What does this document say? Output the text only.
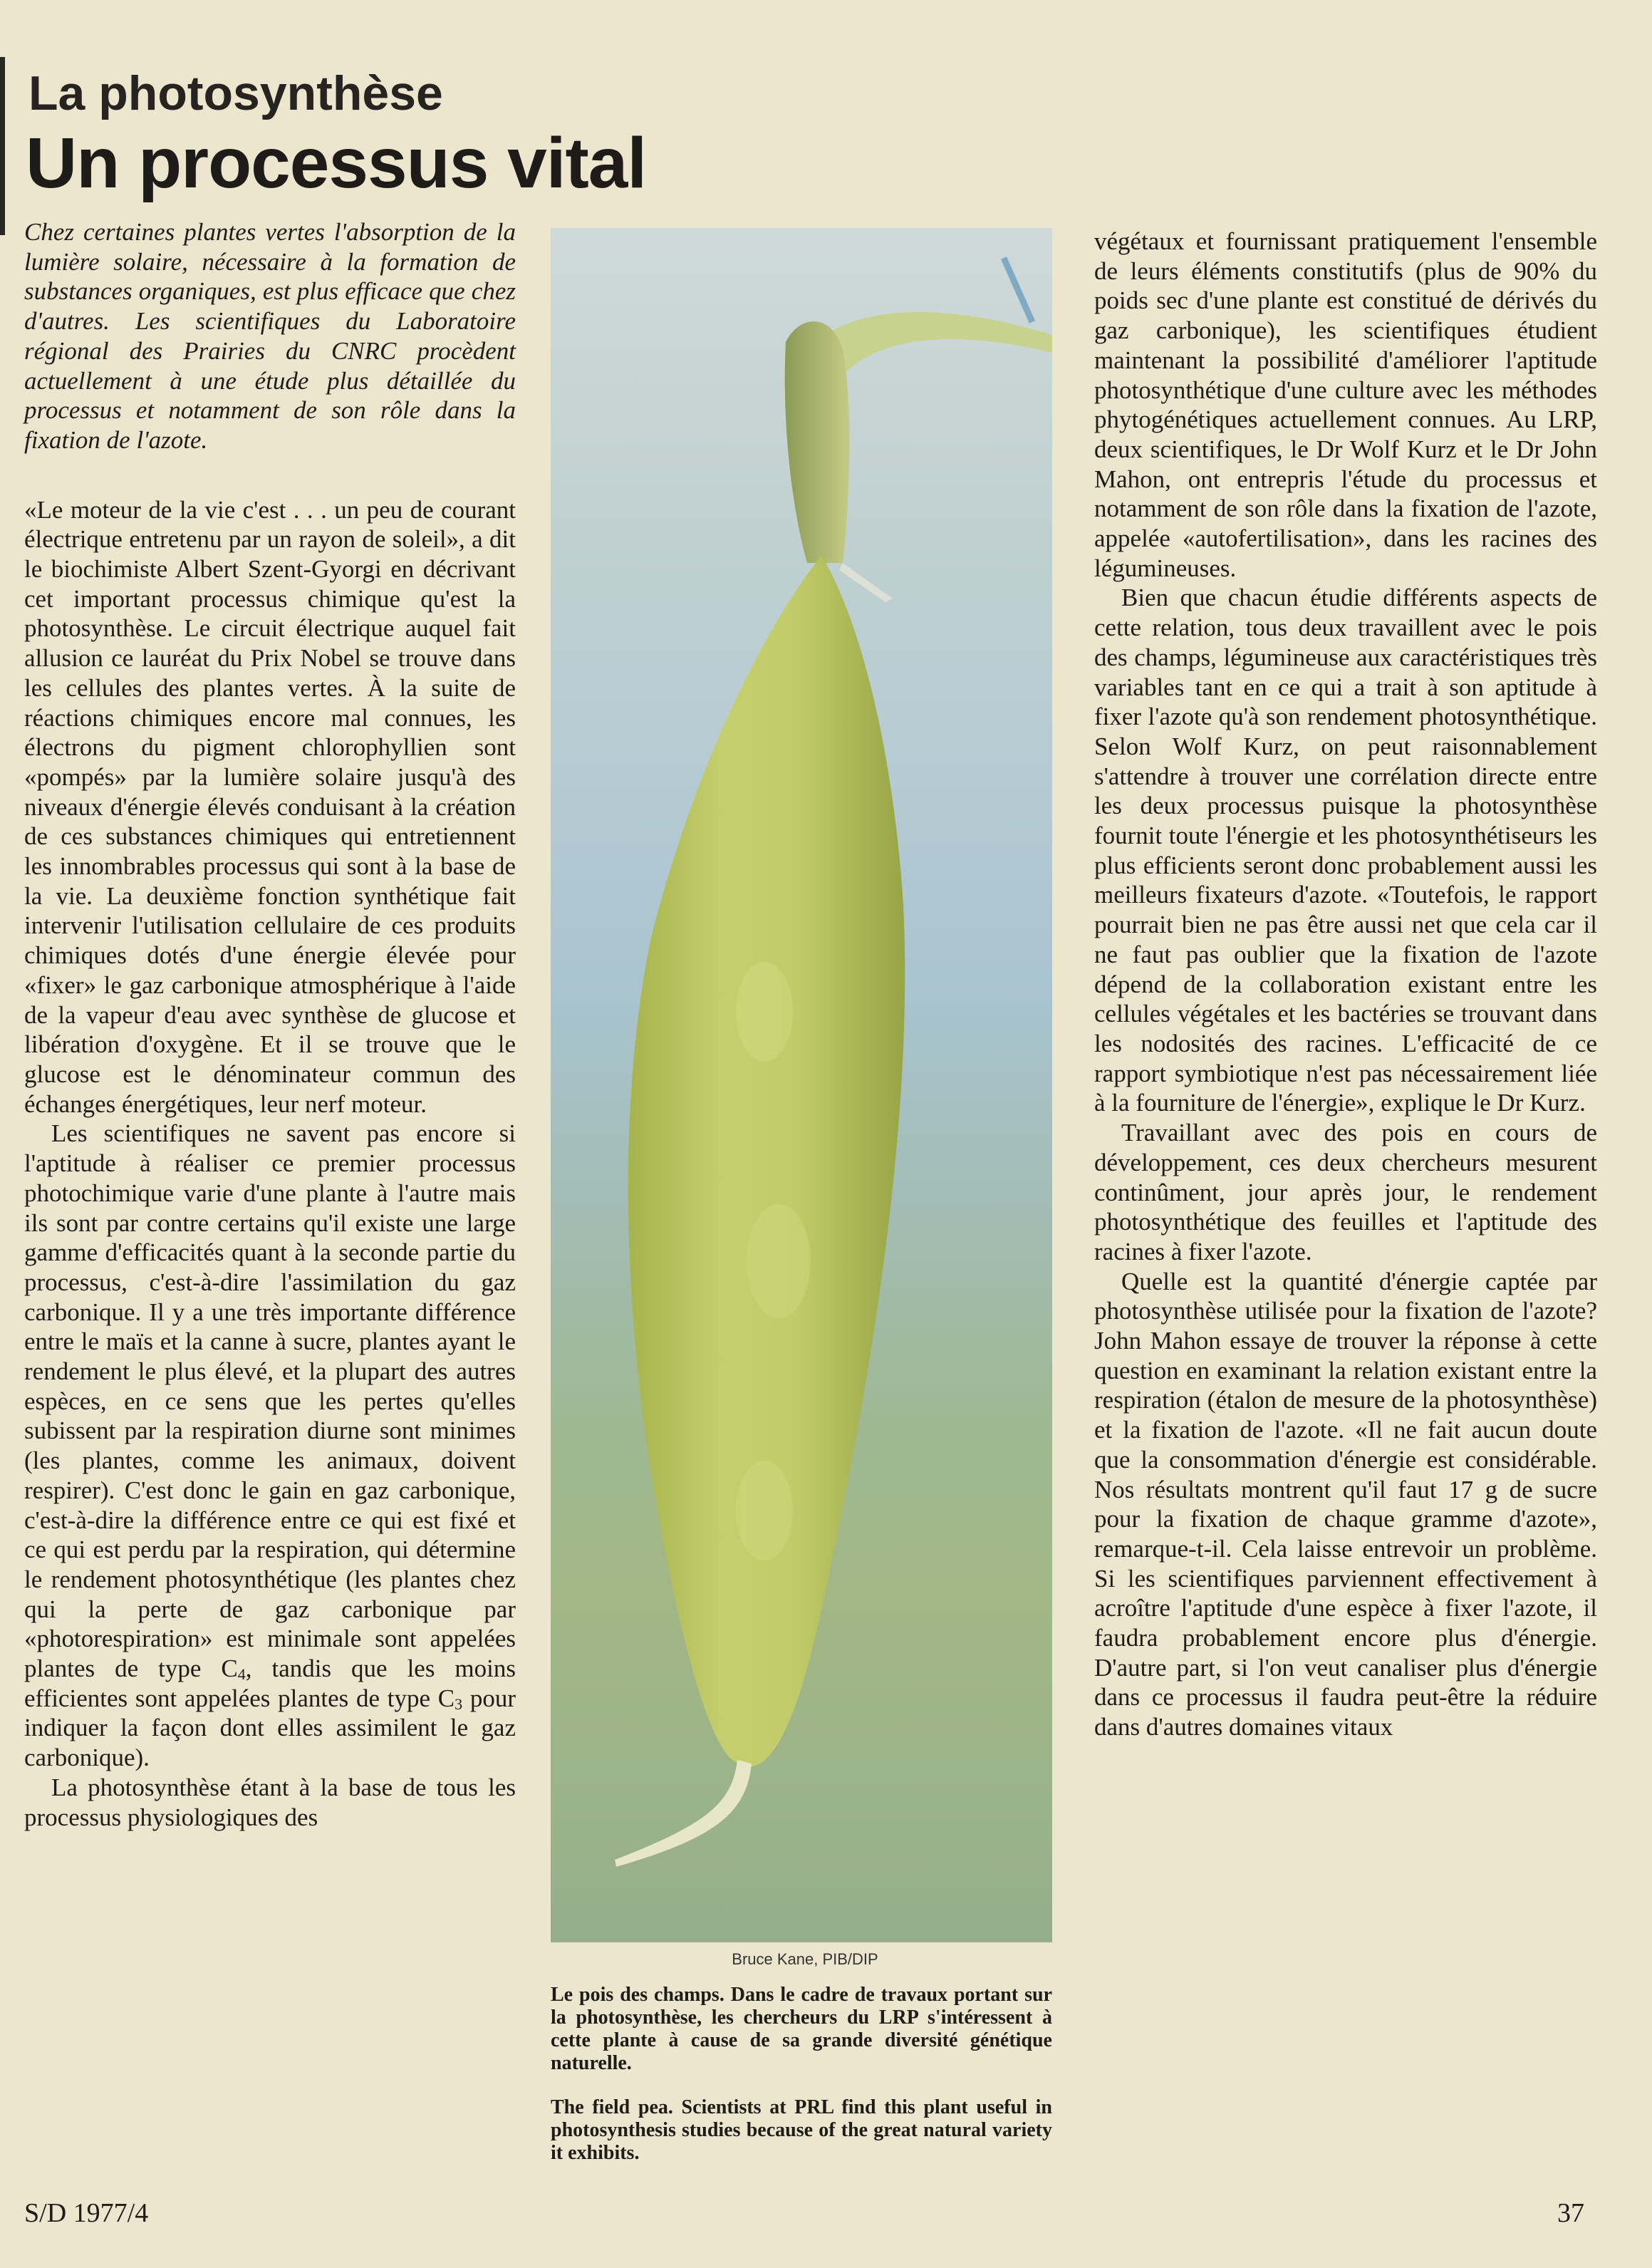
La photosynthèse
Un processus vital

Chez certaines plantes vertes l'absorption de la lumière solaire, nécessaire à la formation de substances organiques, est plus efficace que chez d'autres. Les scientifiques du Laboratoire régional des Prairies du CNRC procèdent actuellement à une étude plus détaillée du processus et notamment de son rôle dans la fixation de l'azote.

«Le moteur de la vie c'est . . . un peu de courant électrique entretenu par un rayon de soleil», a dit le biochimiste Albert Szent-Gyorgi en décrivant cet important processus chimique qu'est la photosynthèse. Le circuit électrique auquel fait allusion ce lauréat du Prix Nobel se trouve dans les cellules des plantes vertes. À la suite de réactions chimiques encore mal connues, les électrons du pigment chlorophyllien sont «pompés» par la lumière solaire jusqu'à des niveaux d'énergie élevés conduisant à la création de ces substances chimiques qui entretiennent les innombrables processus qui sont à la base de la vie. La deuxième fonction synthétique fait intervenir l'utilisation cellulaire de ces produits chimiques dotés d'une énergie élevée pour «fixer» le gaz carbonique atmosphérique à l'aide de la vapeur d'eau avec synthèse de glucose et libération d'oxygène. Et il se trouve que le glucose est le dénominateur commun des échanges énergétiques, leur nerf moteur.

Les scientifiques ne savent pas encore si l'aptitude à réaliser ce premier processus photochimique varie d'une plante à l'autre mais ils sont par contre certains qu'il existe une large gamme d'efficacités quant à la seconde partie du processus, c'est-à-dire l'assimilation du gaz carbonique. Il y a une très importante différence entre le maïs et la canne à sucre, plantes ayant le rendement le plus élevé, et la plupart des autres espèces, en ce sens que les pertes qu'elles subissent par la respiration diurne sont minimes (les plantes, comme les animaux, doivent respirer). C'est donc le gain en gaz carbonique, c'est-à-dire la différence entre ce qui est fixé et ce qui est perdu par la respiration, qui détermine le rendement photosynthétique (les plantes chez qui la perte de gaz carbonique par «photorespiration» est minimale sont appelées plantes de type $C_4$, tandis que les moins efficientes sont appelées plantes de type $C_3$ pour indiquer la façon dont elles assimilent le gaz carbonique).

La photosynthèse étant à la base de tous les processus physiologiques des

Bruce Kane, PIB/DIP

Le pois des champs. Dans le cadre de travaux portant sur la photosynthèse, les chercheurs du LRP s'intéressent à cette plante à cause de sa grande diversité génétique naturelle.

The field pea. Scientists at PRL find this plant useful in photosynthesis studies because of the great natural variety it exhibits.

végétaux et fournissant pratiquement l'ensemble de leurs éléments constitutifs (plus de 90% du poids sec d'une plante est constitué de dérivés du gaz carbonique), les scientifiques étudient maintenant la possibilité d'améliorer l'aptitude photosynthétique d'une culture avec les méthodes phytogénétiques actuellement connues. Au LRP, deux scientifiques, le Dr Wolf Kurz et le Dr John Mahon, ont entrepris l'étude du processus et notamment de son rôle dans la fixation de l'azote, appelée «autofertilisation», dans les racines des légumineuses.

Bien que chacun étudie différents aspects de cette relation, tous deux travaillent avec le pois des champs, légumineuse aux caractéristiques très variables tant en ce qui a trait à son aptitude à fixer l'azote qu'à son rendement photosynthétique. Selon Wolf Kurz, on peut raisonnablement s'attendre à trouver une corrélation directe entre les deux processus puisque la photosynthèse fournit toute l'énergie et les photosynthétiseurs les plus efficients seront donc probablement aussi les meilleurs fixateurs d'azote. «Toutefois, le rapport pourrait bien ne pas être aussi net que cela car il ne faut pas oublier que la fixation de l'azote dépend de la collaboration existant entre les cellules végétales et les bactéries se trouvant dans les nodosités des racines. L'efficacité de ce rapport symbiotique n'est pas nécessairement liée à la fourniture de l'énergie», explique le Dr Kurz.

Travaillant avec des pois en cours de développement, ces deux chercheurs mesurent continûment, jour après jour, le rendement photosynthétique des feuilles et l'aptitude des racines à fixer l'azote.

Quelle est la quantité d'énergie captée par photosynthèse utilisée pour la fixation de l'azote? John Mahon essaye de trouver la réponse à cette question en examinant la relation existant entre la respiration (étalon de mesure de la photosynthèse) et la fixation de l'azote. «Il ne fait aucun doute que la consommation d'énergie est considérable. Nos résultats montrent qu'il faut 17 g de sucre pour la fixation de chaque gramme d'azote», remarque-t-il. Cela laisse entrevoir un problème. Si les scientifiques parviennent effectivement à acroître l'aptitude d'une espèce à fixer l'azote, il faudra probablement encore plus d'énergie. D'autre part, si l'on veut canaliser plus d'énergie dans ce processus il faudra peut-être la réduire dans d'autres domaines vitaux

S/D 1977/4	37
